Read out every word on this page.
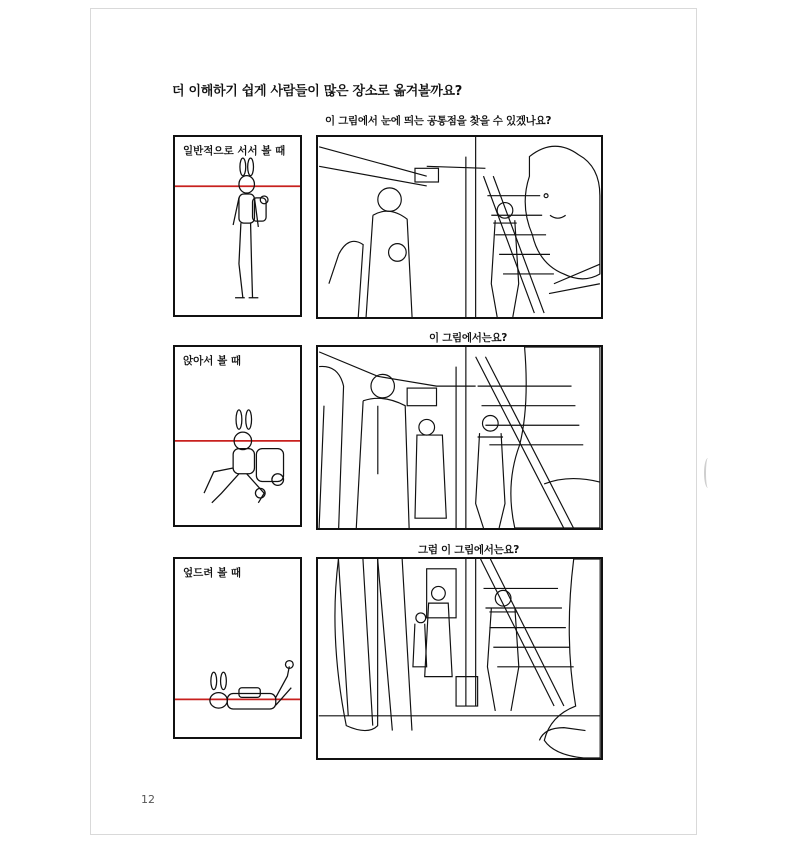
더 이해하기 쉽게 사람들이 많은 장소로 옮겨볼까요?
이 그림에서 눈에 띄는 공통점을 찾을 수 있겠나요?
일반적으로 서서 볼 때
이 그림에서는요?
앉아서 볼 때
그럼 이 그림에서는요?
엎드려 볼 때
12
